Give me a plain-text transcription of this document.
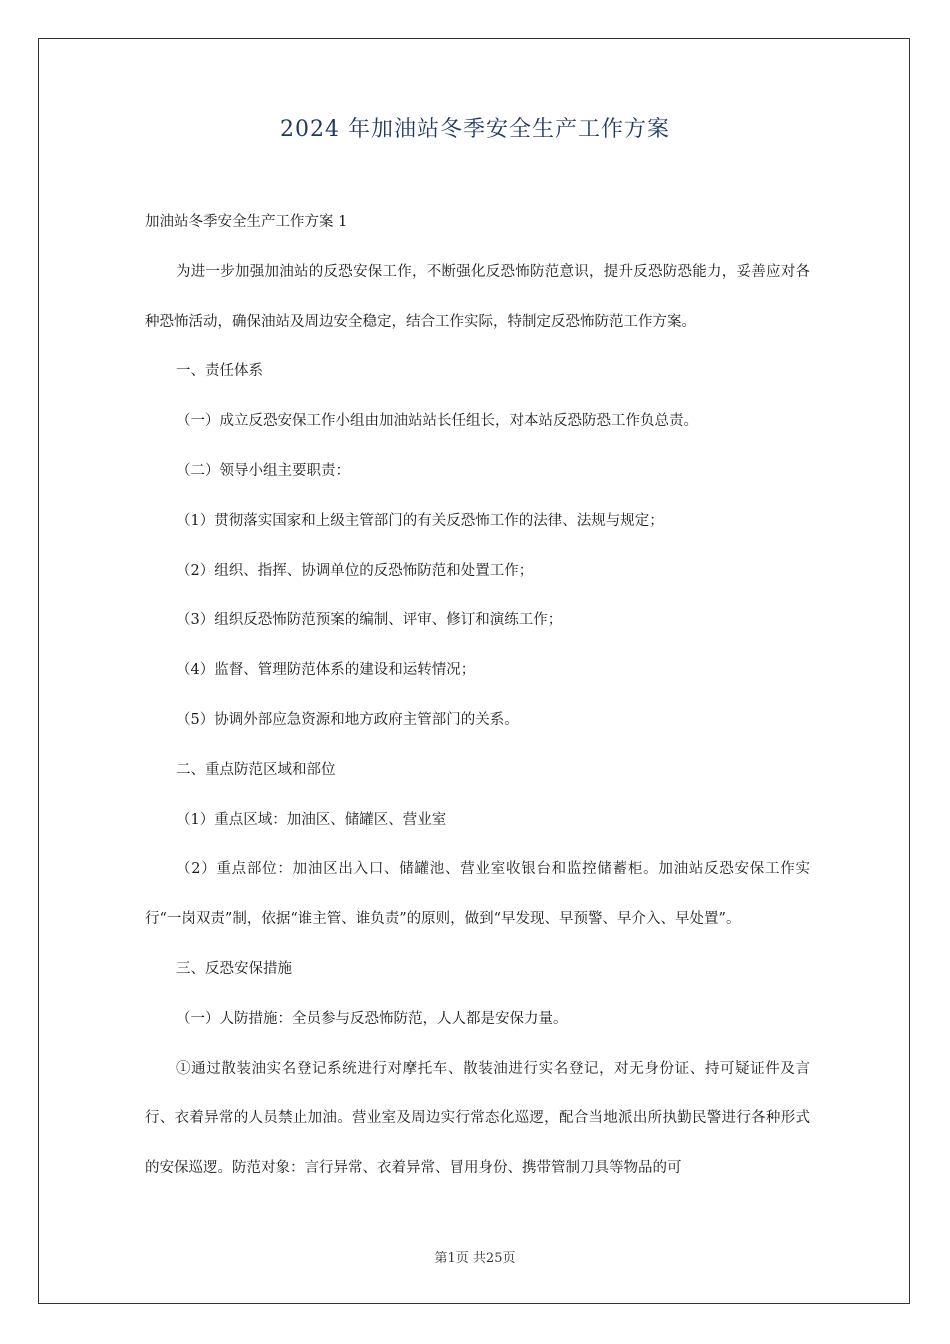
2024 年加油站冬季安全生产工作方案

加油站冬季安全生产工作方案 1

为进一步加强加油站的反恐安保工作，不断强化反恐怖防范意识，提升反恐防恐能力，妥善应对各种恐怖活动，确保油站及周边安全稳定，结合工作实际，特制定反恐怖防范工作方案。

一、责任体系

（一）成立反恐安保工作小组由加油站站长任组长，对本站反恐防恐工作负总责。

（二）领导小组主要职责：

（1）贯彻落实国家和上级主管部门的有关反恐怖工作的法律、法规与规定；

（2）组织、指挥、协调单位的反恐怖防范和处置工作；

（3）组织反恐怖防范预案的编制、评审、修订和演练工作；

（4）监督、管理防范体系的建设和运转情况；

（5）协调外部应急资源和地方政府主管部门的关系。

二、重点防范区域和部位

（1）重点区域：加油区、储罐区、营业室

（2）重点部位：加油区出入口、储罐池、营业室收银台和监控储蓄柜。加油站反恐安保工作实行“一岗双责”制，依据“谁主管、谁负责”的原则，做到“早发现、早预警、早介入、早处置”。

三、反恐安保措施

（一）人防措施：全员参与反恐怖防范，人人都是安保力量。

①通过散装油实名登记系统进行对摩托车、散装油进行实名登记，对无身份证、持可疑证件及言行、衣着异常的人员禁止加油。营业室及周边实行常态化巡逻，配合当地派出所执勤民警进行各种形式的安保巡逻。防范对象：言行异常、衣着异常、冒用身份、携带管制刀具等物品的可

第1页 共25页
